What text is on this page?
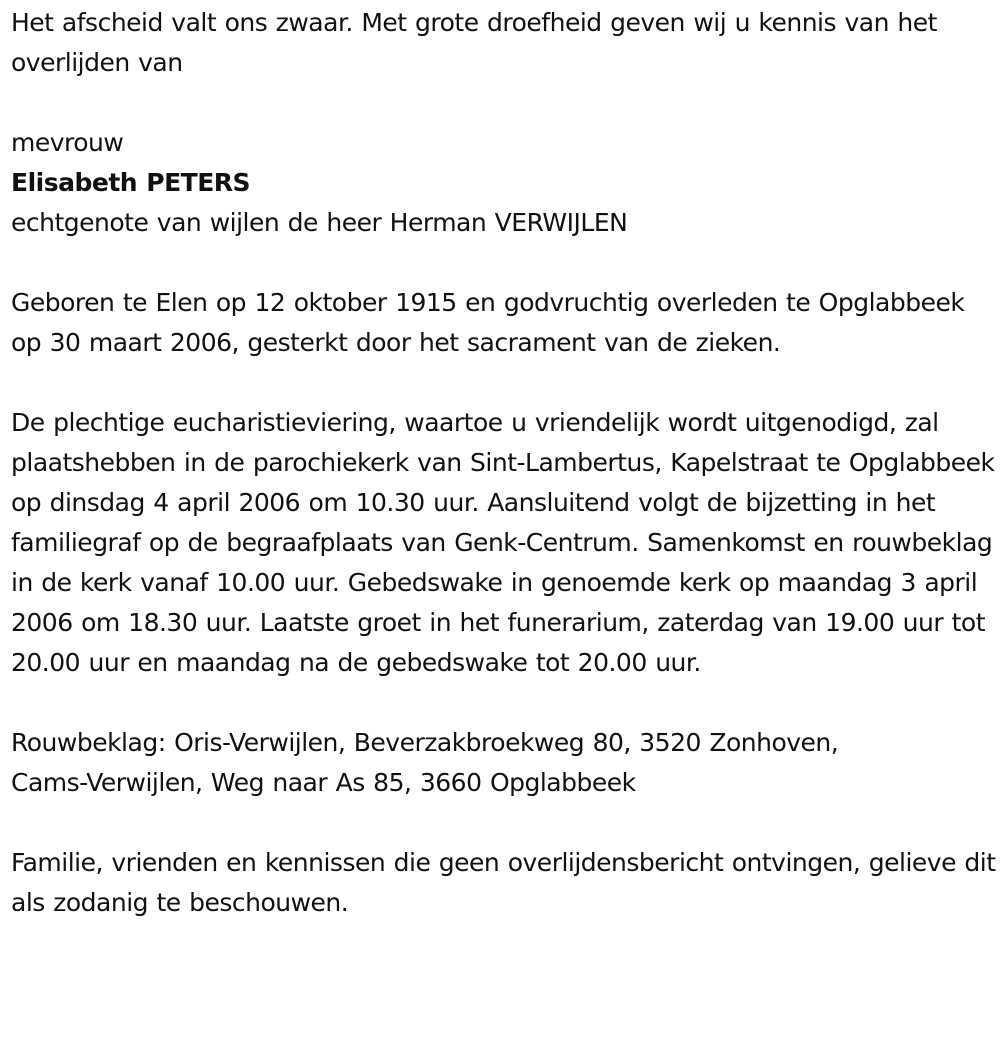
Het afscheid valt ons zwaar. Met grote droefheid geven wij u kennis van het overlijden van

mevrouw

Elisabeth PETERS

echtgenote van wijlen de heer Herman VERWIJLEN

Geboren te Elen op 12 oktober 1915 en godvruchtig overleden te Opglabbeek op 30 maart 2006, gesterkt door het sacrament van de zieken.

De plechtige eucharistieviering, waartoe u vriendelijk wordt uitgenodigd, zal plaatshebben in de parochiekerk van Sint-Lambertus, Kapelstraat te Opglabbeek op dinsdag 4 april 2006 om 10.30 uur. Aansluitend volgt de bijzetting in het familiegraf op de begraafplaats van Genk-Centrum. Samenkomst en rouwbeklag in de kerk vanaf 10.00 uur. Gebedswake in genoemde kerk op maandag 3 april 2006 om 18.30 uur. Laatste groet in het funerarium, zaterdag van 19.00 uur tot 20.00 uur en maandag na de gebedswake tot 20.00 uur.

Rouwbeklag: Oris-Verwijlen, Beverzakbroekweg 80, 3520 Zonhoven,

Cams-Verwijlen, Weg naar As 85, 3660 Opglabbeek

Familie, vrienden en kennissen die geen overlijdensbericht ontvingen, gelieve dit als zodanig te beschouwen.
